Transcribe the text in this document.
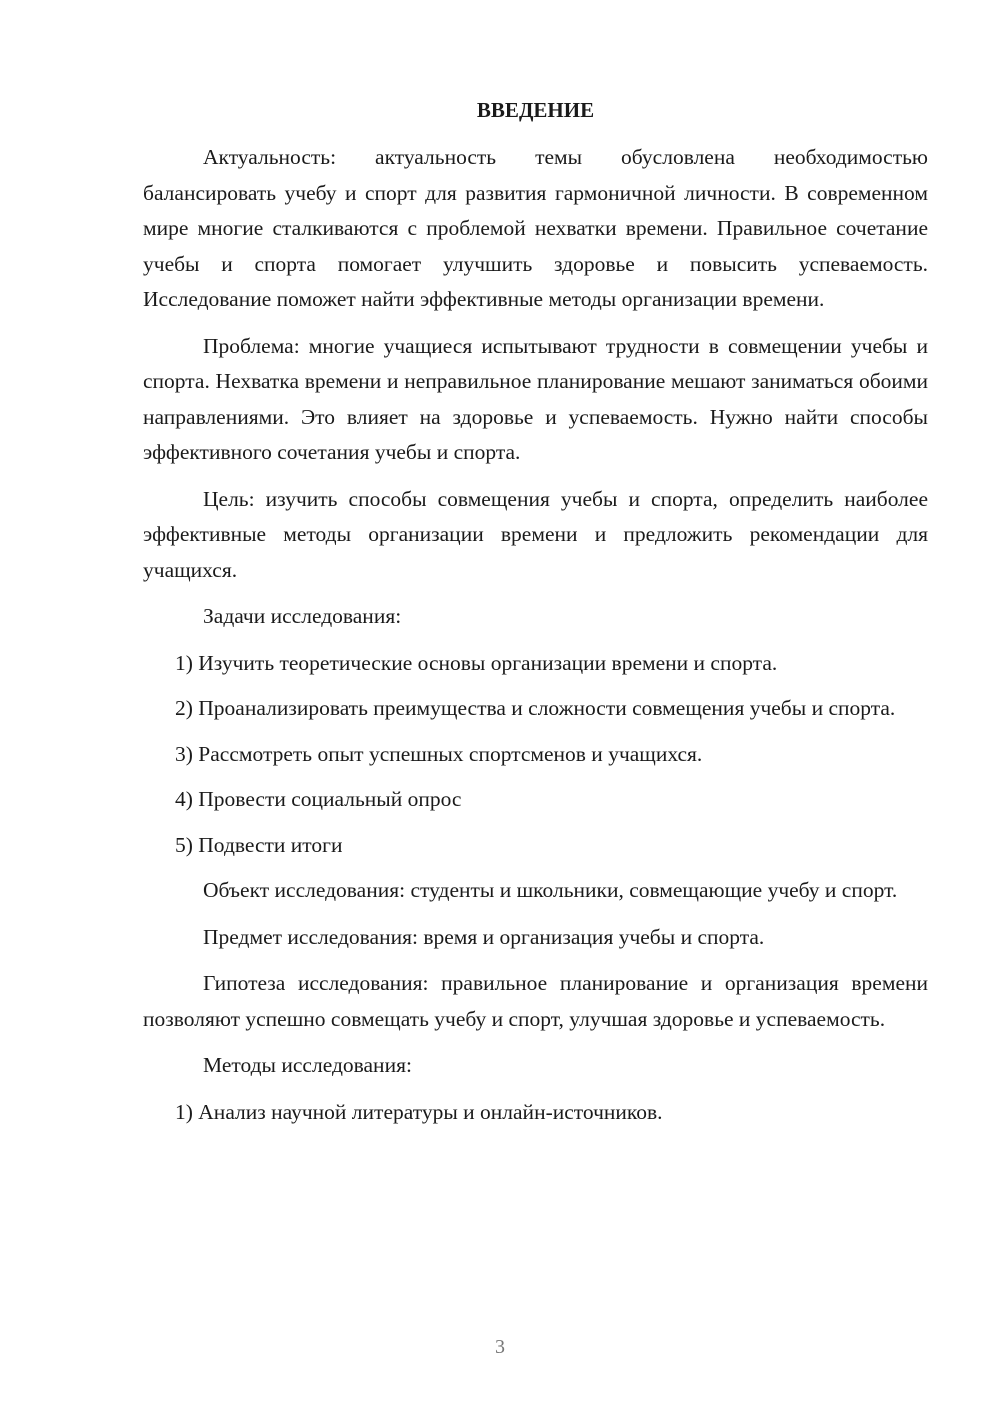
ВВЕДЕНИЕ

Актуальность: актуальность темы обусловлена необходимостью балансировать учебу и спорт для развития гармоничной личности. В современном мире многие сталкиваются с проблемой нехватки времени. Правильное сочетание учебы и спорта помогает улучшить здоровье и повысить успеваемость. Исследование поможет найти эффективные методы организации времени.

Проблема: многие учащиеся испытывают трудности в совмещении учебы и спорта. Нехватка времени и неправильное планирование мешают заниматься обоими направлениями. Это влияет на здоровье и успеваемость. Нужно найти способы эффективного сочетания учебы и спорта.

Цель: изучить способы совмещения учебы и спорта, определить наиболее эффективные методы организации времени и предложить рекомендации для учащихся.

Задачи исследования:

1) Изучить теоретические основы организации времени и спорта.

2) Проанализировать преимущества и сложности совмещения учебы и спорта.

3) Рассмотреть опыт успешных спортсменов и учащихся.

4) Провести социальный опрос

5) Подвести итоги

Объект исследования: студенты и школьники, совмещающие учебу и спорт.

Предмет исследования: время и организация учебы и спорта.

Гипотеза исследования: правильное планирование и организация времени позволяют успешно совмещать учебу и спорт, улучшая здоровье и успеваемость.

Методы исследования:

1) Анализ научной литературы и онлайн-источников.

3
